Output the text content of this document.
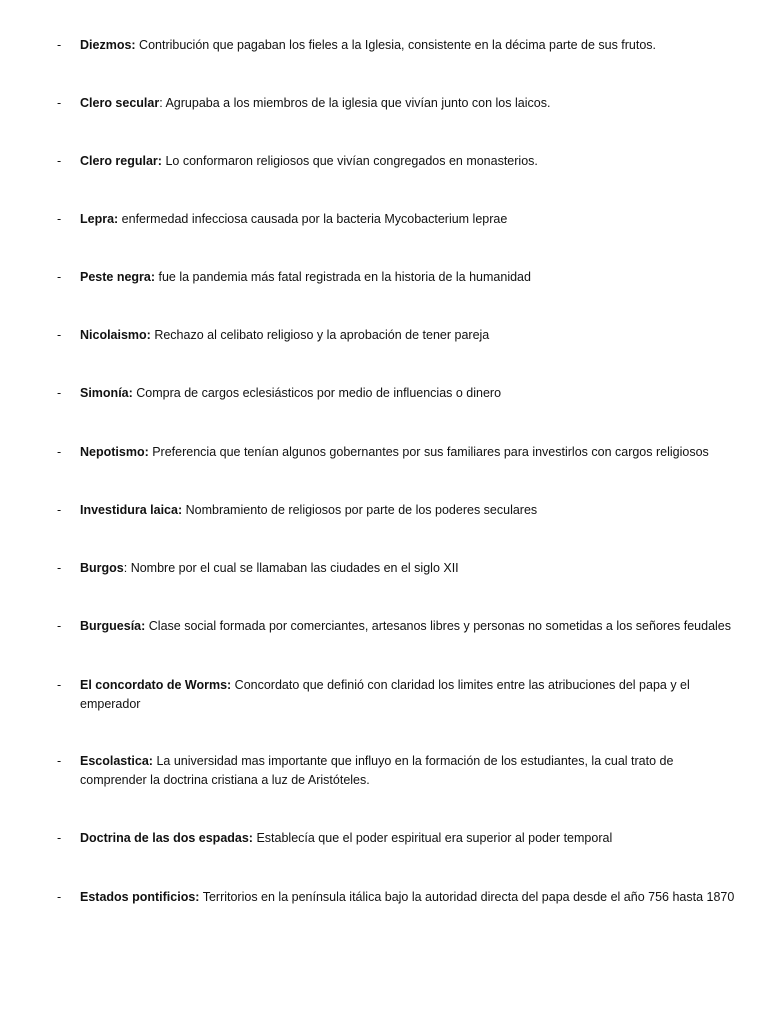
- Diezmos: Contribución que pagaban los fieles a la Iglesia, consistente en la décima parte de sus frutos.
- Clero secular: Agrupaba a los miembros de la iglesia que vivían junto con los laicos.
- Clero regular: Lo conformaron religiosos que vivían congregados en monasterios.
- Lepra: enfermedad infecciosa causada por la bacteria Mycobacterium leprae
- Peste negra: fue la pandemia más fatal registrada en la historia de la humanidad
- Nicolaismo: Rechazo al celibato religioso y la aprobación de tener pareja
- Simonía: Compra de cargos eclesiásticos por medio de influencias o dinero
- Nepotismo: Preferencia que tenían algunos gobernantes por sus familiares para investirlos con cargos religiosos
- Investidura laica: Nombramiento de religiosos por parte de los poderes seculares
- Burgos: Nombre por el cual se llamaban las ciudades en el siglo XII
- Burguesía: Clase social formada por comerciantes, artesanos libres y personas no sometidas a los señores feudales
- El concordato de Worms: Concordato que definió con claridad los limites entre las atribuciones del papa y el emperador
- Escolastica: La universidad mas importante que influyo en la formación de los estudiantes, la cual trato de comprender la doctrina cristiana a luz de Aristóteles.
- Doctrina de las dos espadas: Establecía que el poder espiritual era superior al poder temporal
- Estados pontificios: Territorios en la península itálica bajo la autoridad directa del papa desde el año 756 hasta 1870
